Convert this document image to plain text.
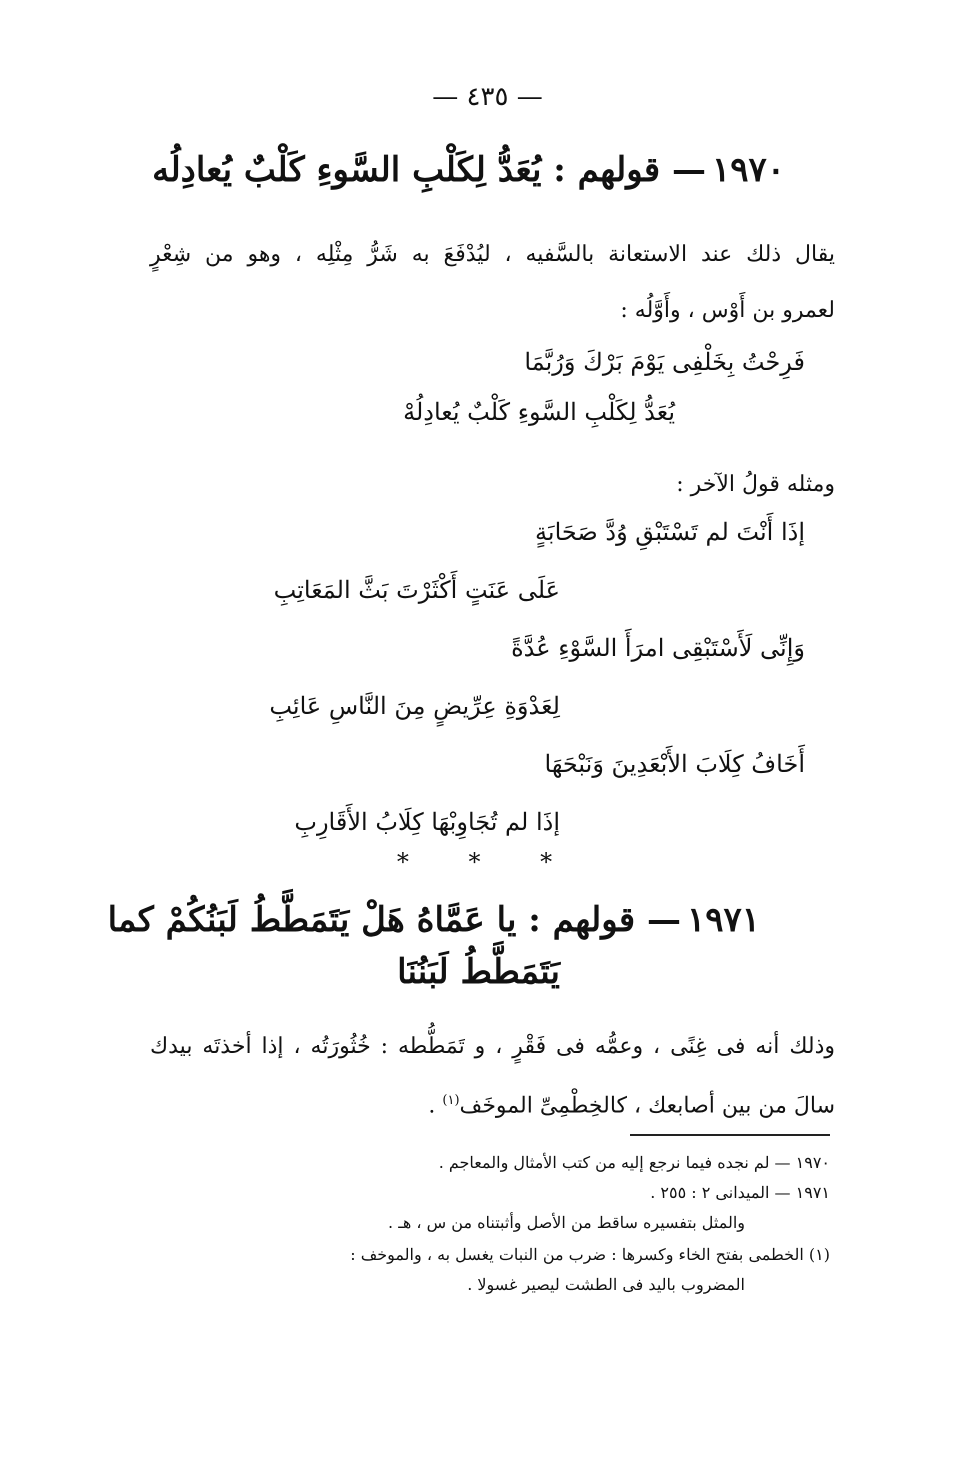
— ٤٣٥ —
١٩٧٠— قولهم : يُعَدُّ لِكَلْبِ السَّوءِ كَلْبٌ يُعادِلُه
يقال ذلك عند الاستعانة بالسَّفيه ، ليُدْفَعَ به شَرُّ مِثْلِه ، وهو من شِعْرٍ
لعمرو بن أَوْس ، وأَوَّلُه :
فَرِحْتُ بِخَلْفِى يَوْمَ بَرْكَ وَرُبَّمَا
يُعَدُّ لِكَلْبِ السَّوءِ كَلْبٌ يُعادِلُهْ
ومثله قولُ الآخر :
إذَا أَنْتَ لم تَسْتَبْقِ وُدَّ صَحَابَةٍ
عَلَى عَنَتٍ أَكْثَرْتَ بَثَّ المَعَاتِبِ
وَإِنِّى لَأَسْتَبْقِى امرَأَ السَّوْءِ عُدَّةً
لِعَدْوَةِ عِرِّيضٍ مِنَ النَّاسِ عَائِبِ
أَخَافُ كِلَابَ الأَبْعَدِينَ وَنَبْحَهَا
إذَا لم تُجَاوِبْهَا كِلَابُ الأَقَارِبِ
* * *
١٩٧١— قولهم : يا عَمَّاهُ هَلْ يَتَمَطَّطُ لَبَنُكُمْ كما
يَتَمَطَّطُ لَبَنُنَا
وذلك أنه فى غِنًى ، وعمُّه فى فَقْرٍ ، و تَمَطُّطه : خُثُورَتُه ، إذا أخذتَه بيدك
سالَ من بين أصابعك ، كالخِطْمِىِّ الموخَف$^{(١)}$ .
١٩٧٠ — لم نجده فيما نرجع إليه من كتب الأمثال والمعاجم .
١٩٧١ — الميدانى ٢ : ٢٥٥ .
والمثل بتفسيره ساقط من الأصل وأثبتناه من س ، هـ .
(١) الخطمى بفتح الخاء وكسرها : ضرب من النبات يغسل به ، والموخف :
المضروب باليد فى الطشت ليصير غسولا .
